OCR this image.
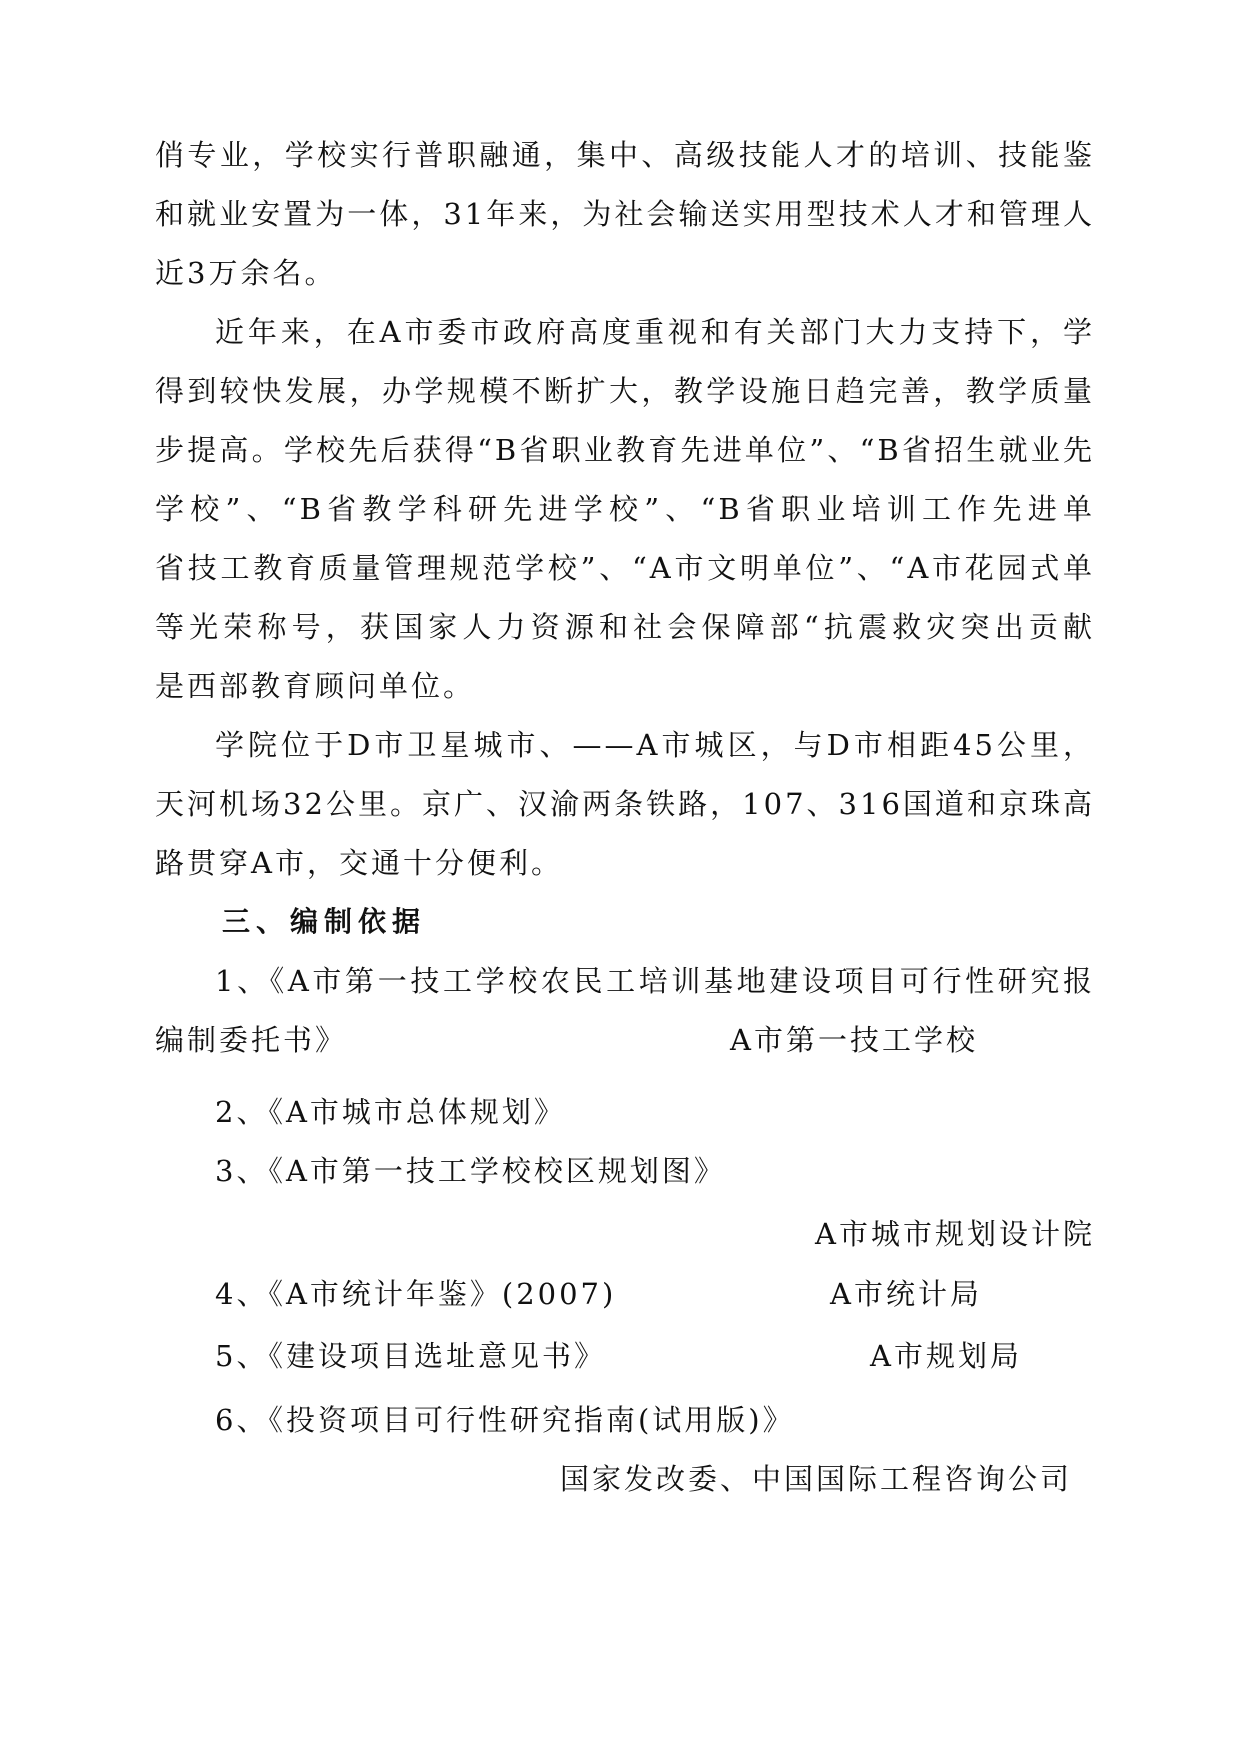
俏专业，学校实行普职融通，集中、高级技能人才的培训、技能鉴
和就业安置为一体，31年来，为社会输送实用型技术人才和管理人
近3万余名。
近年来，在A市委市政府高度重视和有关部门大力支持下，学
得到较快发展，办学规模不断扩大，教学设施日趋完善，教学质量
步提高。学校先后获得“B省职业教育先进单位”、“B省招生就业先
学校”、“B省教学科研先进学校”、“B省职业培训工作先进单
省技工教育质量管理规范学校”、“A市文明单位”、“A市花园式单
等光荣称号，获国家人力资源和社会保障部“抗震救灾突出贡献
是西部教育顾问单位。
学院位于D市卫星城市、——A市城区，与D市相距45公里，
天河机场32公里。京广、汉渝两条铁路，107、316国道和京珠高
路贯穿A市，交通十分便利。
三、编制依据
1、《A市第一技工学校农民工培训基地建设项目可行性研究报
编制委托书》	A市第一技工学校
2、《A市城市总体规划》
3、《A市第一技工学校校区规划图》
A市城市规划设计院
4、《A市统计年鉴》(2007)	A市统计局
5、《建设项目选址意见书》	A市规划局
6、《投资项目可行性研究指南(试用版)》
国家发改委、中国国际工程咨询公司
